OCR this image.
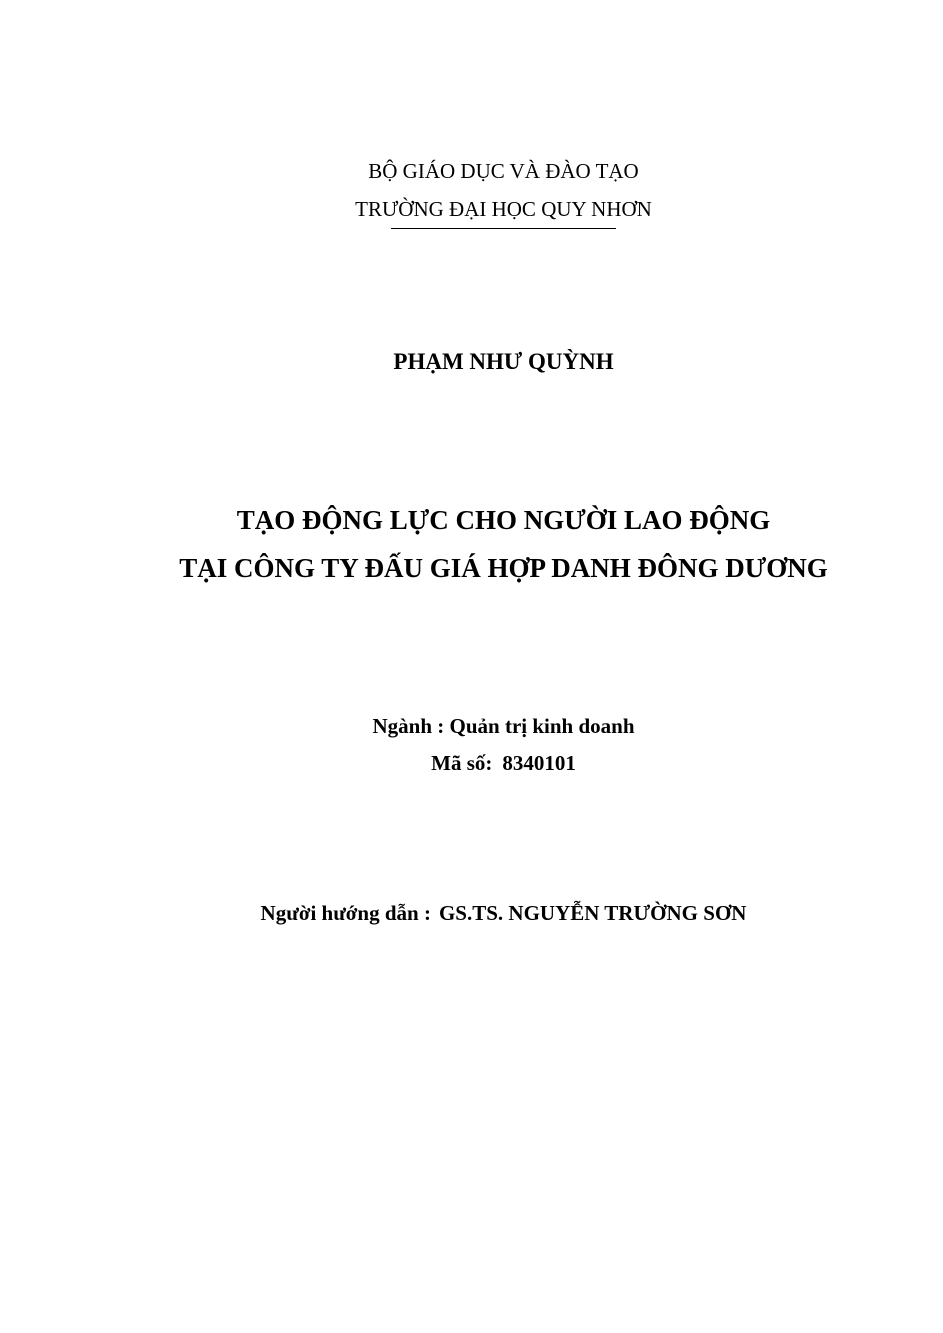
BỘ GIÁO DỤC VÀ ĐÀO TẠO
TRƯỜNG ĐẠI HỌC QUY NHƠN
PHẠM NHƯ QUỲNH
TẠO ĐỘNG LỰC CHO NGƯỜI LAO ĐỘNG
TẠI CÔNG TY ĐẤU GIÁ HỢP DANH ĐÔNG DƯƠNG
Ngành : Quản trị kinh doanh
Mã số: 8340101
Người hướng dẫn : GS.TS. NGUYỄN TRƯỜNG SƠN
